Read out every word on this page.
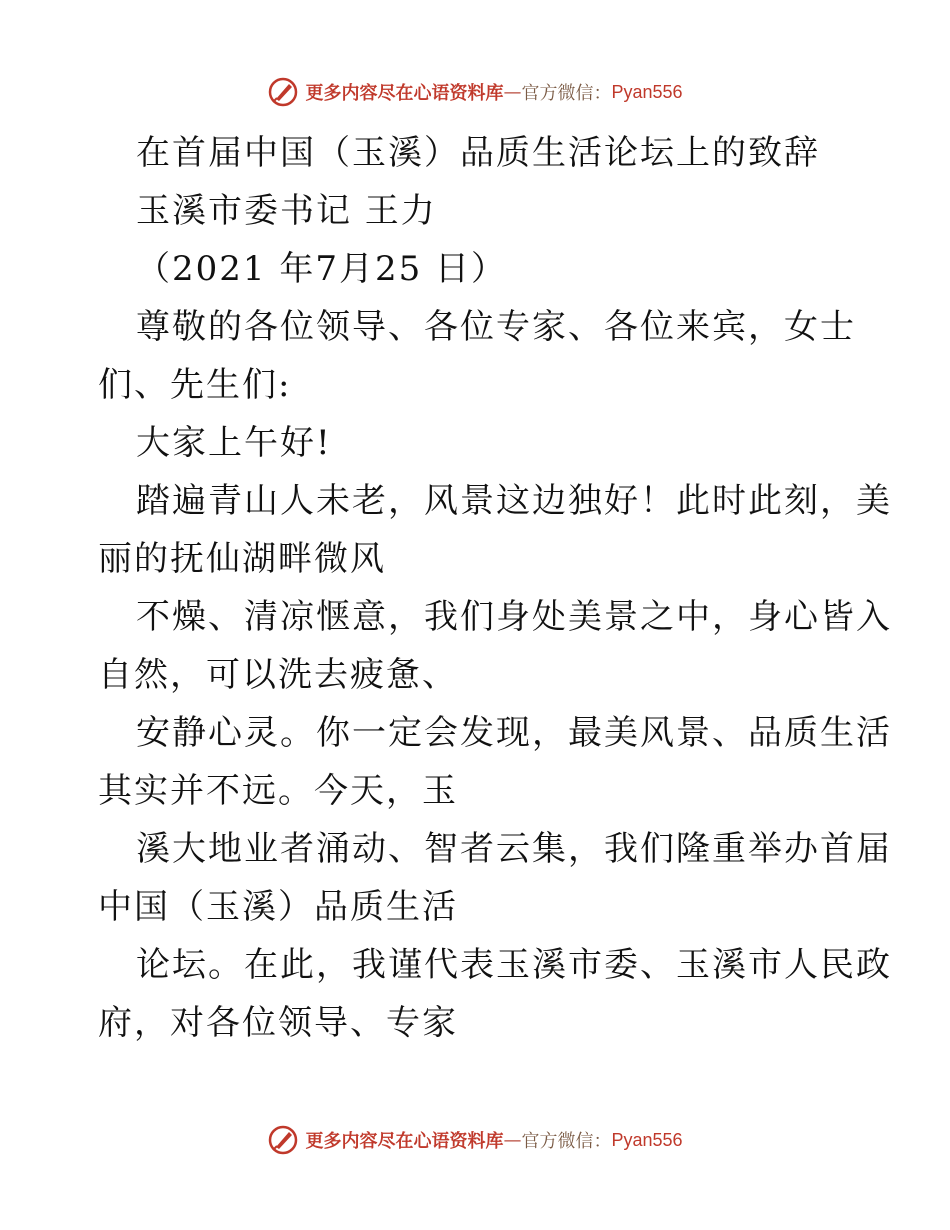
更多内容尽在心语资料库 — 官方微信： Pyan556
在首届中国（玉溪）品质生活论坛上的致辞
玉溪市委书记 王力
（2021 年7月25 日）
尊敬的各位领导、各位专家、各位来宾，女士
们、先生们:
大家上午好!
踏遍青山人未老，风景这边独好！此时此刻，美
丽的抚仙湖畔微风
不燥、清凉惬意，我们身处美景之中，身心皆入
自然，可以洗去疲惫、
安静心灵。你一定会发现，最美风景、品质生活
其实并不远。今天，玉
溪大地业者涌动、智者云集，我们隆重举办首届
中国（玉溪）品质生活
论坛。在此，我谨代表玉溪市委、玉溪市人民政
府，对各位领导、专家
更多内容尽在心语资料库 — 官方微信： Pyan556
